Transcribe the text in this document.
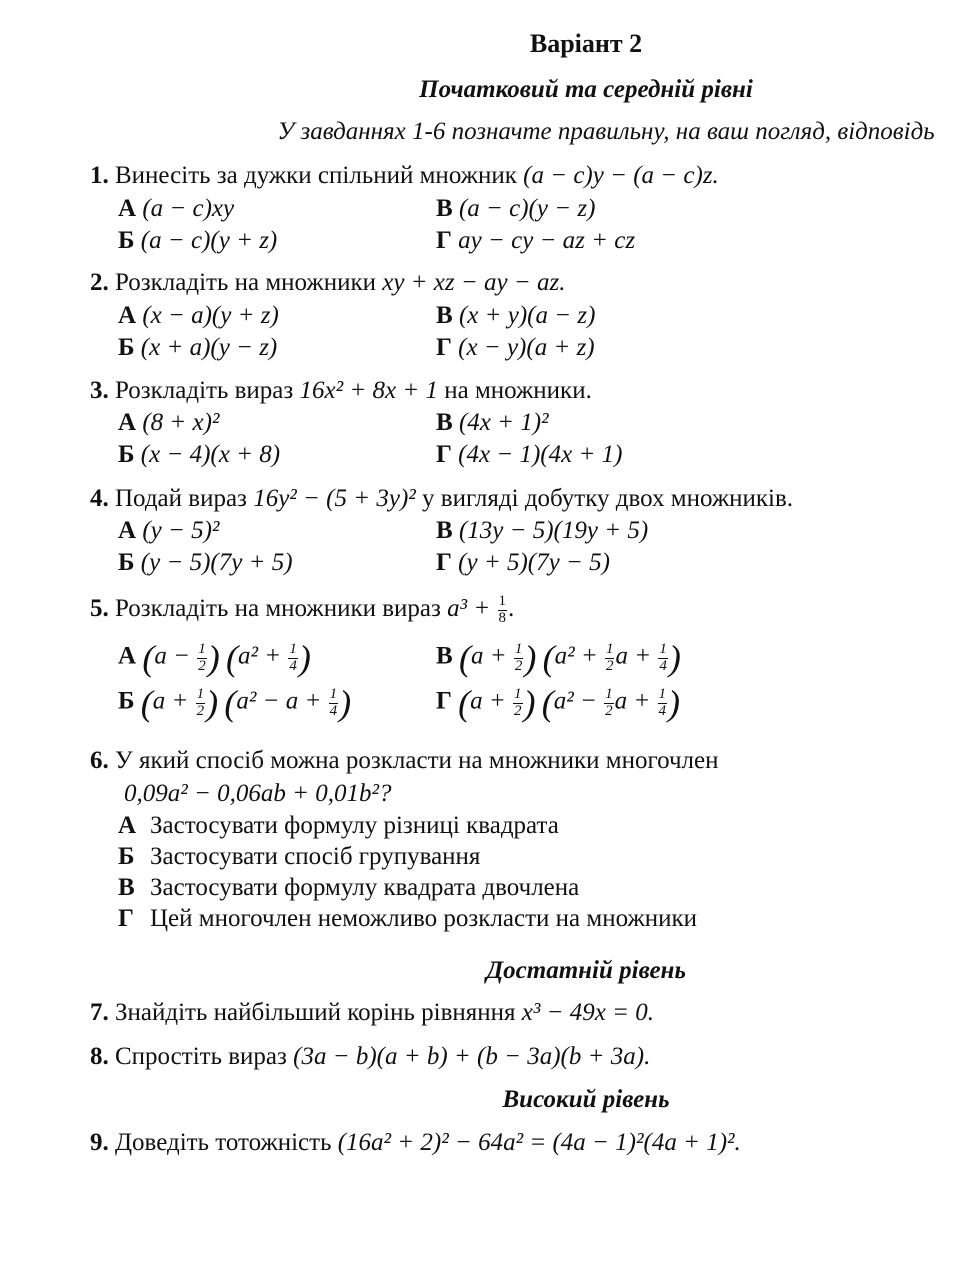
Варіант 2
Початковий та середній рівні
У завданнях 1-6 позначте правильну, на ваш погляд, відповідь
1. Винесіть за дужки спільний множник (a − c)y − (a − c)z.
А (a − c)xy	В (a − c)(y − z)
Б (a − c)(y + z)	Г ay − cy − az + cz
2. Розкладіть на множники xy + xz − ay − az.
А (x − a)(y + z)	В (x + y)(a − z)
Б (x + a)(y − z)	Г (x − y)(a + z)
3. Розкладіть вираз 16x² + 8x + 1 на множники.
А (8 + x)²	В (4x + 1)²
Б (x − 4)(x + 8)	Г (4x − 1)(4x + 1)
4. Подай вираз 16y² − (5 + 3y)² у вигляді добутку двох множників.
А (y − 5)²	В (13y − 5)(19y + 5)
Б (y − 5)(7y + 5)	Г (y + 5)(7y − 5)
5. Розкладіть на множники вираз $a^3 + \frac{1}{8}$ .
А ($a - \frac{1}{2}$ ) ($a^2 + \frac{1}{4}$ )	В ($a + \frac{1}{2}$ ) ($a^2 + \frac{1}{2}$ $a + \frac{1}{4}$ )
Б ($a + \frac{1}{2}$ ) ($a^2 - a + \frac{1}{4}$ )	Г ($a + \frac{1}{2}$ ) ($a^2 - \frac{1}{2}$ $a + \frac{1}{4}$ )
6. У який спосіб можна розкласти на множники многочлен
0,09a² − 0,06ab + 0,01b²?
А Застосувати формулу різниці квадрата
Б Застосувати спосіб групування
В Застосувати формулу квадрата двочлена
Г Цей многочлен неможливо розкласти на множники
Достатній рівень
7. Знайдіть найбільший корінь рівняння x³ − 49x = 0.
8. Спростіть вираз (3a − b)(a + b) + (b − 3a)(b + 3a).
Високий рівень
9. Доведіть тотожність (16a² + 2)² − 64a² = (4a − 1)²(4a + 1)².
